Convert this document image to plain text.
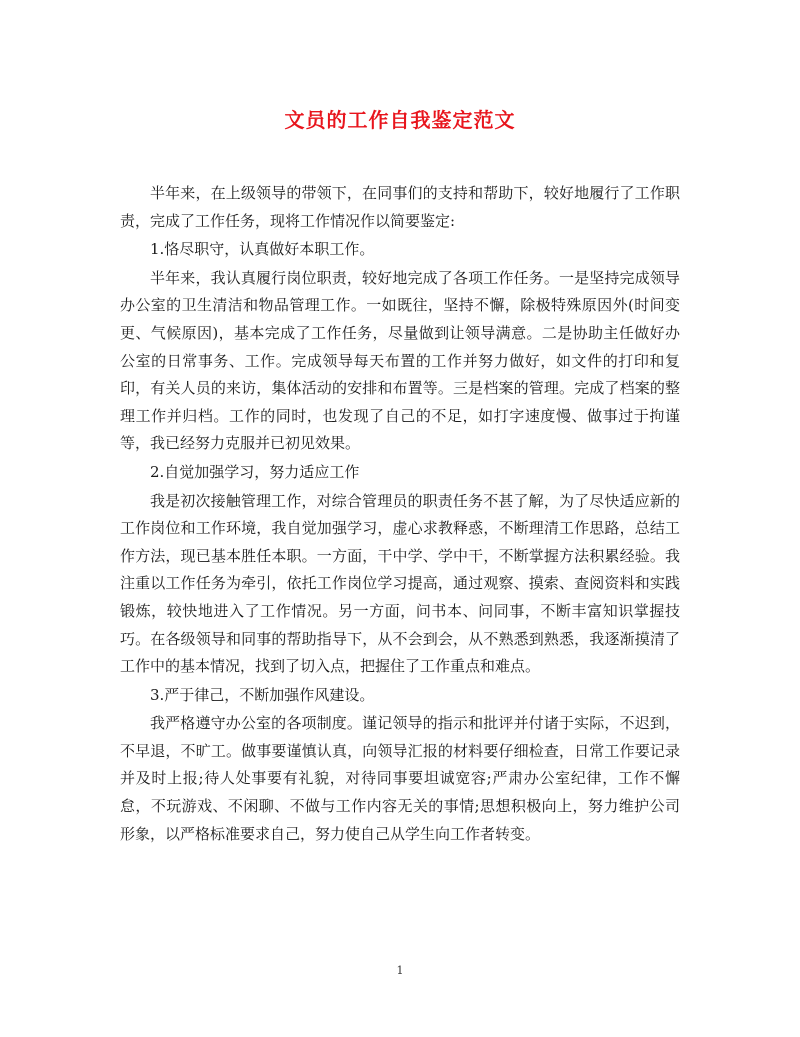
文员的工作自我鉴定范文

半年来，在上级领导的带领下，在同事们的支持和帮助下，较好地履行了工作职责，完成了工作任务，现将工作情况作以简要鉴定:

1.恪尽职守，认真做好本职工作。

半年来，我认真履行岗位职责，较好地完成了各项工作任务。一是坚持完成领导办公室的卫生清洁和物品管理工作。一如既往，坚持不懈，除极特殊原因外(时间变更、气候原因)，基本完成了工作任务，尽量做到让领导满意。二是协助主任做好办公室的日常事务、工作。完成领导每天布置的工作并努力做好，如文件的打印和复印，有关人员的来访，集体活动的安排和布置等。三是档案的管理。完成了档案的整理工作并归档。工作的同时，也发现了自己的不足，如打字速度慢、做事过于拘谨等，我已经努力克服并已初见效果。

2.自觉加强学习，努力适应工作

我是初次接触管理工作，对综合管理员的职责任务不甚了解，为了尽快适应新的工作岗位和工作环境，我自觉加强学习，虚心求教释惑，不断理清工作思路，总结工作方法，现已基本胜任本职。一方面，干中学、学中干，不断掌握方法积累经验。我注重以工作任务为牵引，依托工作岗位学习提高，通过观察、摸索、查阅资料和实践锻炼，较快地进入了工作情况。另一方面，问书本、问同事，不断丰富知识掌握技巧。在各级领导和同事的帮助指导下，从不会到会，从不熟悉到熟悉，我逐渐摸清了工作中的基本情况，找到了切入点，把握住了工作重点和难点。

3.严于律己，不断加强作风建设。

我严格遵守办公室的各项制度。谨记领导的指示和批评并付诸于实际，不迟到，不早退，不旷工。做事要谨慎认真，向领导汇报的材料要仔细检查，日常工作要记录并及时上报;待人处事要有礼貌，对待同事要坦诚宽容;严肃办公室纪律，工作不懈怠，不玩游戏、不闲聊、不做与工作内容无关的事情;思想积极向上，努力维护公司形象，以严格标准要求自己，努力使自己从学生向工作者转变。

1
